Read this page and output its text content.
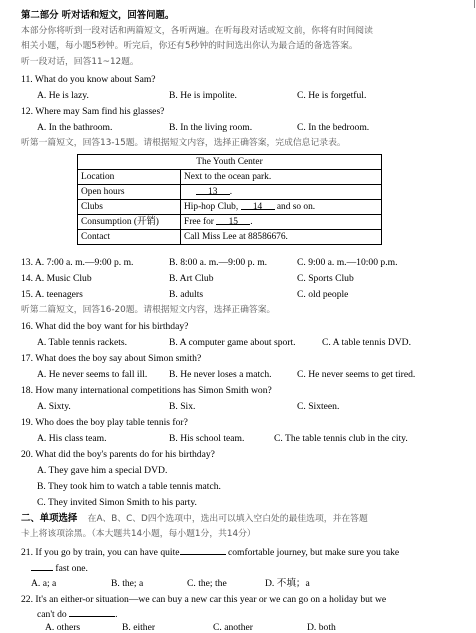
第二部分 听对话和短文，回答问题。
本部分你将听到一段对话和两篇短文，各听两遍。在听每段对话或短文前，你将有时间阅读
相关小题，每小题5秒钟。听完后，你还有5秒钟的时间选出你认为最合适的备选答案。
听一段对话，回答11~12题。
11. What do you know about Sam?
A. He is lazy.	B. He is impolite.	C. He is forgetful.
12. Where may Sam find his glasses?
A. In the bathroom.	B. In the living room.	C. In the bedroom.
听第一篇短文，回答13-15题。请根据短文内容，选择正确答案，完成信息记录表。
The Youth Center	
Location	Next to the ocean park.
Open hours	13 .
Clubs	Hip-hop Club, 14 and so on.
Consumption (开销)	Free for 15 .
Contact	Call Miss Lee at 88586676.
13. A. 7:00 a. m.—9:00 p. m.	B. 8:00 a. m.—9:00 p. m.	C. 9:00 a. m.—10:00 p.m.
14. A. Music Club	B. Art Club	C. Sports Club
15. A. teenagers	B. adults	C. old people
听第二篇短文，回答16-20题。请根据短文内容，选择正确答案。
16. What did the boy want for his birthday?
A. Table tennis rackets.	B. A computer game about sport.	C. A table tennis DVD.
17. What does the boy say about Simon smith?
A. He never seems to fall ill. B. He never loses a match.	C. He never seems to get tired.
18. How many international competitions has Simon Smith won?
A. Sixty.	B. Six.	C. Sixteen.
19. Who does the boy play table tennis for?
A. His class team.	B. His school team.	C. The table tennis club in the city.
20. What did the boy's parents do for his birthday?
A. They gave him a special DVD.
B. They took him to watch a table tennis match.
C. They invited Simon Smith to his party.
二、单项选择 在A、B、C、D四个选项中，选出可以填入空白处的最佳选项，并在答题
卡上将该项涂黑。（本大题共14小题，每小题1分，共14分）
21. If you go by train, you can have quite	comfortable journey, but make sure you take
fast one.
A. a; a	B. the; a	C. the; the	D. 不填；a
22. It's an either-or situation—we can buy a new car this year or we can go on a holiday but we
can't do	.
A. others	B. either	C. another	D. both
